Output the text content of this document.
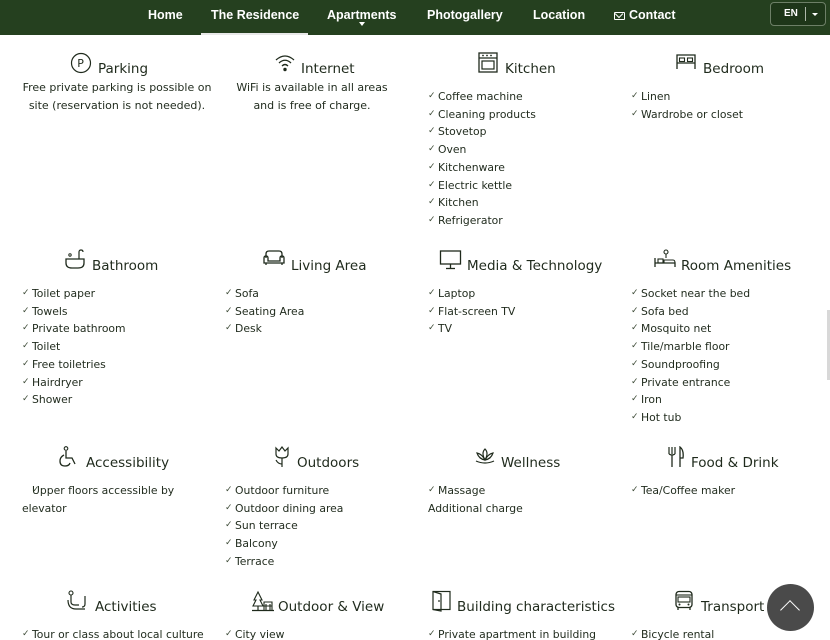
Home	The Residence	Apartments Photogallery Location	Contact	EN
P Parking
Free private parking is possible on site (reservation is not needed).
Internet
WiFi is available in all areas and is free of charge.
Kitchen
✓ Coffee machine
✓ Cleaning products
✓ Stovetop
✓ Oven
✓ Kitchenware
✓ Electric kettle
✓ Kitchen
✓ Refrigerator
Bedroom
✓ Linen
✓ Wardrobe or closet
Bathroom
✓ Toilet paper
✓ Towels
✓ Private bathroom
✓ Toilet
✓ Free toiletries
✓ Hairdryer
✓ Shower
Living Area
✓ Sofa
✓ Seating Area
✓ Desk
Media & Technology
✓ Laptop
✓ Flat-screen TV
✓ TV
Room Amenities
✓ Socket near the bed
✓ Sofa bed
✓ Mosquito net
✓ Tile/marble floor
✓ Soundproofing
✓ Private entrance
✓ Iron
✓ Hot tub
Accessibility
✓ Upper floors accessible by elevator
Outdoors
✓ Outdoor furniture
✓ Outdoor dining area
✓ Sun terrace
✓ Balcony
✓ Terrace
Wellness
✓ Massage
Additional charge
Food & Drink
✓ Tea/Coffee maker
Activities
✓ Tour or class about local culture
Outdoor & View
✓ City view
Building characteristics
✓ Private apartment in building
Transport
✓ Bicycle rental
